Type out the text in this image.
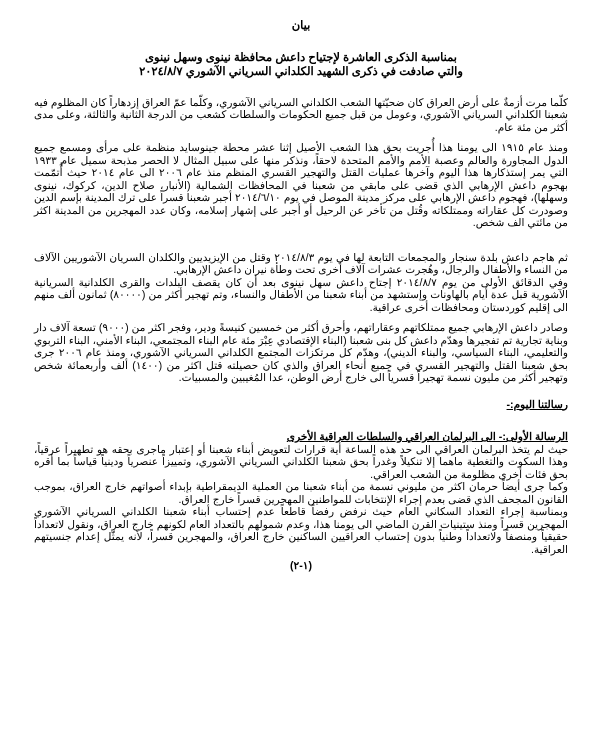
بيان
بمناسبة الذكرى العاشرة لإجتياح داعش محافظة نينوى وسهل نينوى
والتي صادفت في ذكرى الشهيد الكلداني السرياني الآشوري ٢٠٢٤/٨/٧

كلّما مرت أزمةٌ على أرض العراق كان ضحيّتها الشعب الكلداني السرياني الآشوري، وكلّما عمّ العراق إزدهاراً كان المظلوم فيه شعبنا الكلداني السرياني الآشوري، وعومل من قبل جميع الحكومات والسلطات كشعب من الدرجة الثانية والثالثة، وعلى مدى أكثر من مئة عام.

ومنذ عام ١٩١٥ الى يومنا هذا أُجريت بحق هذا الشعب الأصيل إثنا عشر محطة جينوسايد منظمة على مرأى ومسمع جميع الدول المجاورة والعالم وعصبة الأمم والأمم المتحدة لاحقاً، ونذكر منها على سبيل المثال لا الحصر مذبحة سميل عام ١٩٣٣ التي يمر إستذكارها هذا اليوم وآخرها عمليات القتل والتهجير القسري المنظم منذ عام ٢٠٠٦ الى عام ٢٠١٤ حيث أُتمّمت بهجوم داعش الإرهابي الذي قضى على مابقي من شعبنا في المحافظات الشمالية (الأنبار، صلاح الدين، كركوك، نينوى وسهلها)، فهجوم داعش الإرهابي على مركز مدينة الموصل في يوم ٢٠١٤/٦/١٠ أجبر شعبنا قسراً على ترك المدينة بإسم الدين وصودرت كل عقاراته وممتلكاته وقُتل من تأخر عن الرحيل أو أجبر على إشهار إسلامه، وكان عدد المهجرين من المدينة اكثر من مائتي الف شخص.

ثم هاجم داعش بلدة سنجار والمجمعات التابعة لها في يوم ٢٠١٤/٨/٣ وقتل من الإيزيديين والكلدان السريان الآشوريين الآلاف من النساء والأطفال والرجال، وهُجرت عشرات آلاف أخرى تحت وطأة نيران داعش الإرهابي.

وفي الدقائق الأولى من يوم ٢٠١٤/٨/٧ إجتاح داعش سهل نينوى بعد أن كان يقصف البلدات والقرى الكلدانية السريانية الآشورية قبل عدة أيام بالهاونات وإستشهد من أبناء شعبنا من الأطفال والنساء، وتم تهجير أكثر من (٨٠٠٠٠) ثمانون ألف منهم الى إقليم كوردستان ومحافظات أخرى عراقية.

وصادر داعش الإرهابي جميع ممتلكاتهم وعقاراتهم، وأحرق أكثر من خمسين كنيسةً ودير، وفجر اكثر من (٩٠٠٠) تسعة آلاف دار وبناية تجارية تم تفجيرها وهدّم داعش كل بنى شعبنا (البناء الإقتصادي عِبْرَ مئة عام البناء المجتمعي، البناء الأمني، البناء التربوي والتعليمي، البناء السياسي، والبناء الديني)، وهدّم كل مرتكزات المجتمع الكلداني السرياني الآشوري، ومنذ عام ٢٠٠٦ جرى بحق شعبنا القتل والتهجير القسري في جميع أنحاء العراق والذي كان حصيلته قتل اكثر من (١٤٠٠) ألف وأربعمائة شخص وتهجير أكثر من مليون نسمة تهجيراً قسرياً الى خارج أرض الوطن، عدا المُغيبين والمسبيات.

رسالتنا اليوم:-
الرسالة الأولى:- الى البرلمان العراقي والسلطات العراقية الأخرى

حيث لم يتخذ البرلمان العراقي الى حد هذه الساعة أية قرارات لتعويض أبناء شعبنا أو إعتبار ماجرى بحقه هو تطهيراً عرقياً، وهذا السكوت والتغطية ماهما إلا تنكيلاً وغدراً بحق شعبنا الكلداني السرياني الآشوري، وتمييزاً عنصرياً ودينياً قياساً بما أقره بحق فئات أخرى مظلومة من الشعب العراقي.

وكما جرى أيضاً حرمان اكثر من مليوني نسمة من أبناء شعبنا من العملية الديمقراطية بإبداء أصواتهم خارج العراق، بموجب القانون المجحف الذي قضى بعدم إجراء الإنتخابات للمواطنين المهجرين قسراً خارج العراق.

وبمناسبة إجراء التعداد السكاني العام حيث نرفض رفضاً قاطعاً عدم إحتساب أبناء شعبنا الكلداني السرياني الآشوري المهجرين قسراً ومنذ ستينيات القرن الماضي الى يومنا هذا، وعدم شمولهم بالتعداد العام لكونهم خارج العراق، ونقول لاتعداداً حقيقياً ومنصفاً ولاتعداداً وطنياً بدون إحتساب العراقيين الساكنين خارج العراق، والمهجرين قسراً، لأنه يمثّل إعدام جنسيتهم العراقية.

(١-٢)
